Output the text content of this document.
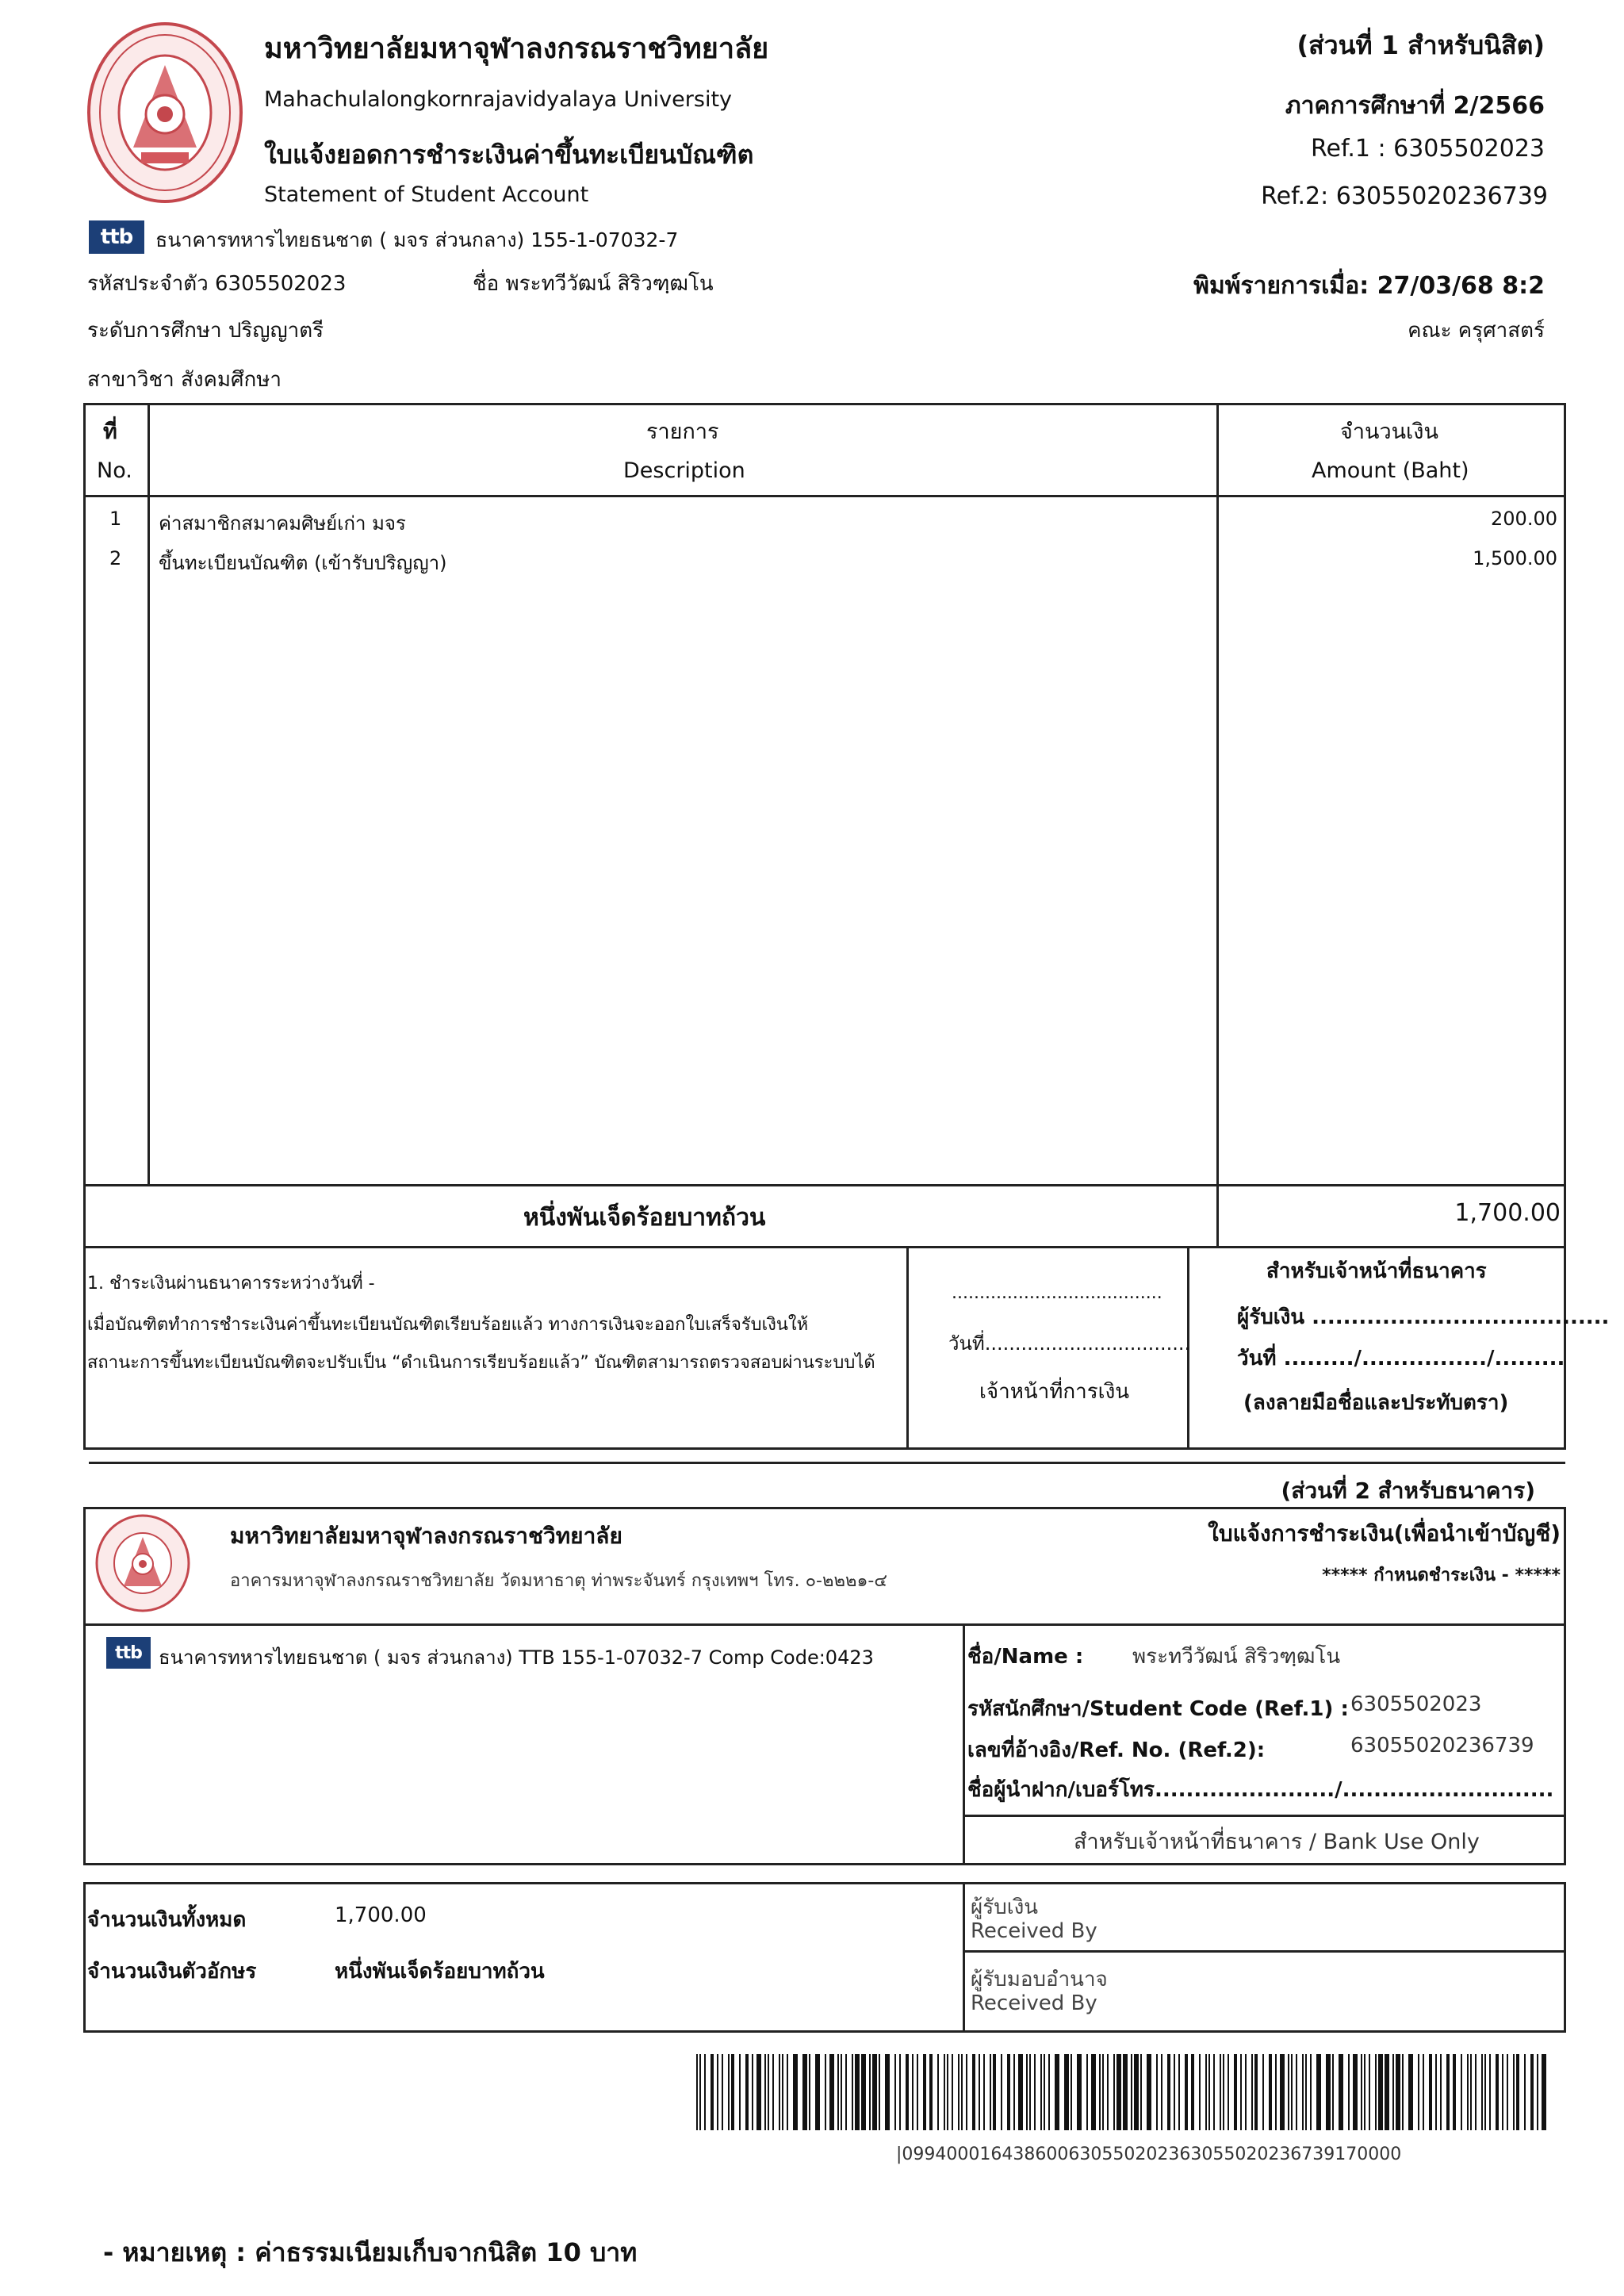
มหาวิทยาลัยมหาจุฬาลงกรณราชวิทยาลัย
Mahachulalongkornrajavidyalaya University
ใบแจ้งยอดการชำระเงินค่าขึ้นทะเบียนบัณฑิต
Statement of Student Account
(ส่วนที่ 1 สำหรับนิสิต)
ภาคการศึกษาที่ 2/2566
Ref.1 : 6305502023
Ref.2: 63055020236739
ttb	ธนาคารทหารไทยธนชาต ( มจร ส่วนกลาง) 155-1-07032-7
รหัสประจำตัว 6305502023	ชื่อ พระทวีวัฒน์ สิริวฑฺฒโน	พิมพ์รายการเมื่อ: 27/03/68 8:2
ระดับการศึกษา ปริญญาตรี	คณะ ครุศาสตร์
สาขาวิชา สังคมศึกษา
ที่
No.
รายการ
Description
จำนวนเงิน
Amount (Baht)
1 ค่าสมาชิกสมาคมศิษย์เก่า มจร	200.00
2 ขึ้นทะเบียนบัณฑิต (เข้ารับปริญญา)	1,500.00
หนึ่งพันเจ็ดร้อยบาทถ้วน	1,700.00
1. ชำระเงินผ่านธนาคารระหว่างวันที่ -
เมื่อบัณฑิตทำการชำระเงินค่าขึ้นทะเบียนบัณฑิตเรียบร้อยแล้ว ทางการเงินจะออกใบเสร็จรับเงินให้
สถานะการขึ้นทะเบียนบัณฑิตจะปรับเป็น “ดำเนินการเรียบร้อยแล้ว” บัณฑิตสามารถตรวจสอบผ่านระบบได้
......................................
วันที่..................................
เจ้าหน้าที่การเงิน
สำหรับเจ้าหน้าที่ธนาคาร
ผู้รับเงิน ......................................
วันที่ ........./................/.........
(ลงลายมือชื่อและประทับตรา)
(ส่วนที่ 2 สำหรับธนาคาร)
มหาวิทยาลัยมหาจุฬาลงกรณราชวิทยาลัย
อาคารมหาจุฬาลงกรณราชวิทยาลัย วัดมหาธาตุ ท่าพระจันทร์ กรุงเทพฯ โทร. ๐-๒๒๒๑-๔
ใบแจ้งการชำระเงิน(เพื่อนำเข้าบัญชี)
***** กำหนดชำระเงิน - *****
ttb ธนาคารทหารไทยธนชาต ( มจร ส่วนกลาง) TTB 155-1-07032-7 Comp Code:0423	ชื่อ/Name : พระทวีวัฒน์ สิริวฑฺฒโน
รหัสนักศึกษา/Student Code (Ref.1) : 6305502023
เลขที่อ้างอิง/Ref. No. (Ref.2):	63055020236739
ชื่อผู้นำฝาก/เบอร์โทร......................./...........................
สำหรับเจ้าหน้าที่ธนาคาร / Bank Use Only
จำนวนเงินทั้งหมด	1,700.00
จำนวนเงินตัวอักษร	หนึ่งพันเจ็ดร้อยบาทถ้วน
ผู้รับเงิน
Received By
ผู้รับมอบอำนาจ
Received By
|099400016438600630550202363055020236739170000
- หมายเหตุ : ค่าธรรมเนียมเก็บจากนิสิต 10 บาท
